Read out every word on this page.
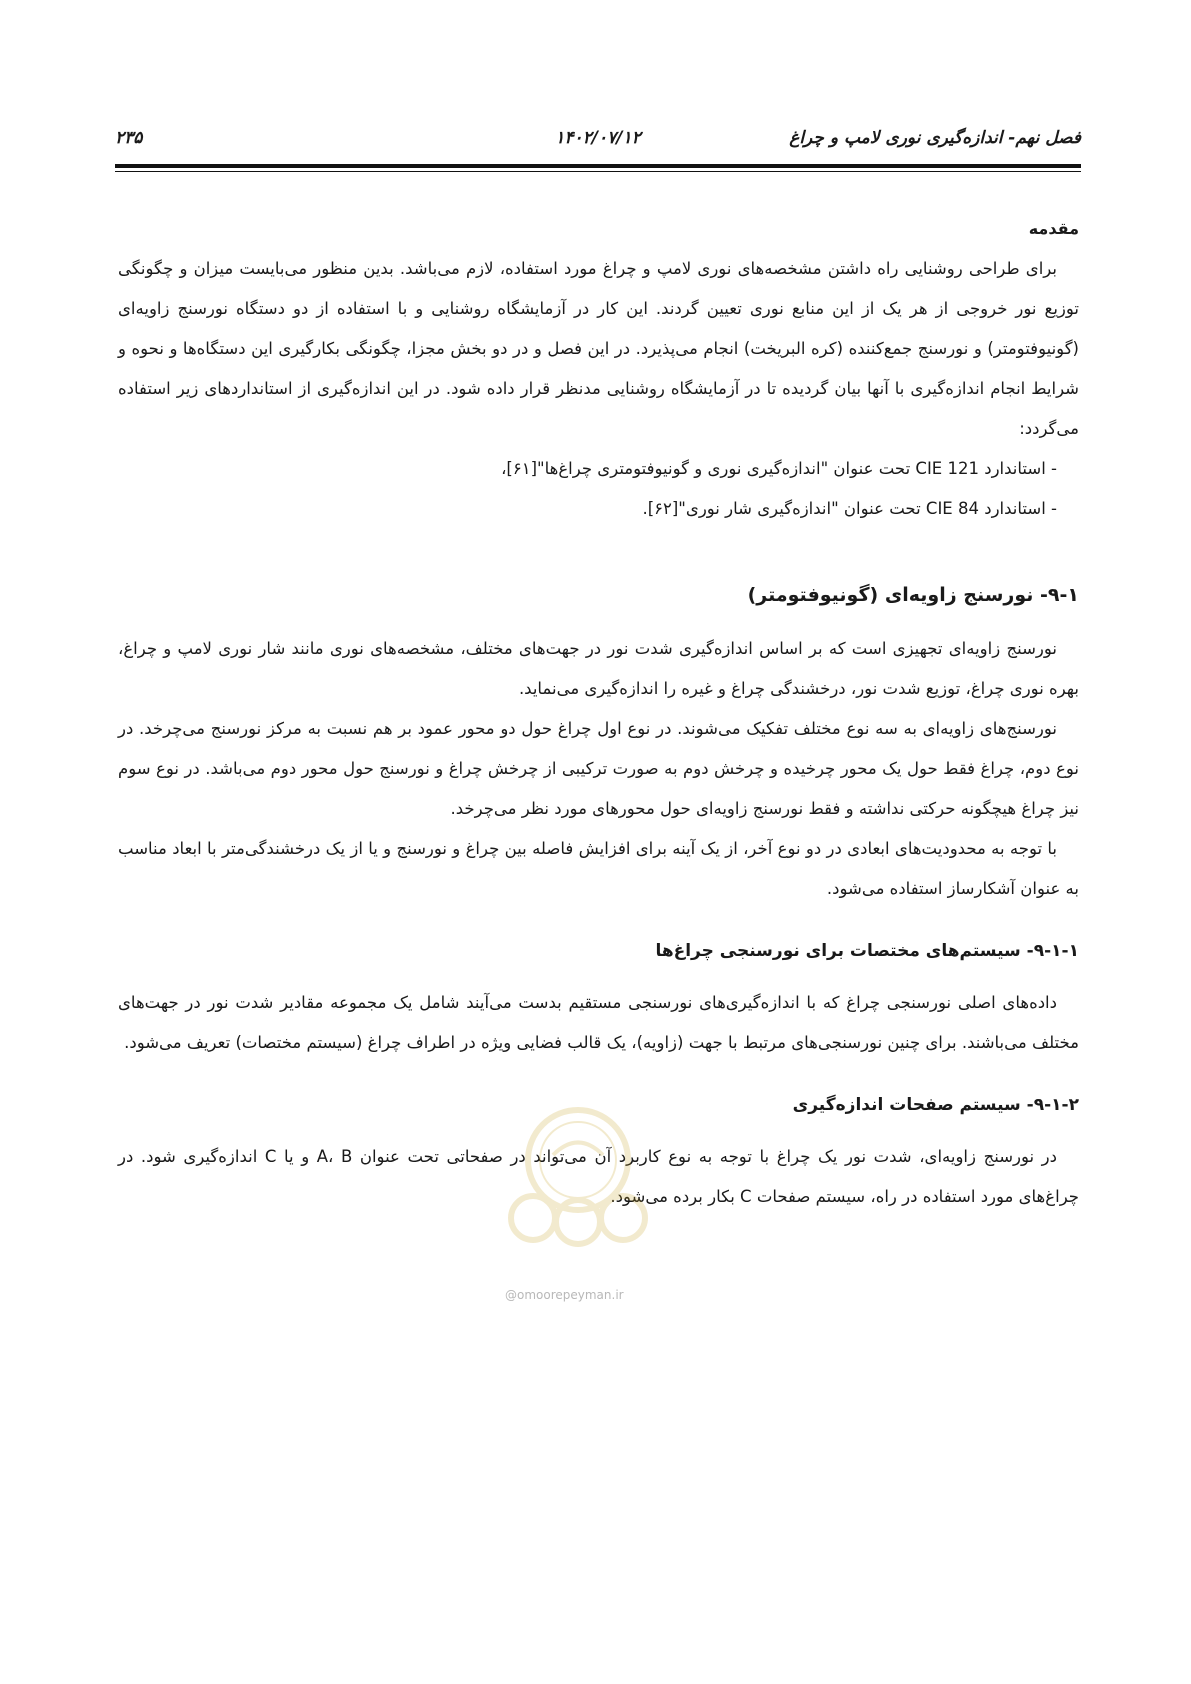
فصل نهم- اندازه‌گیری نوری لامپ و چراغ
۱۴۰۲/۰۷/۱۲
۲۳۵

مقدمه

برای طراحی روشنایی راه داشتن مشخصه‌های نوری لامپ و چراغ مورد استفاده، لازم می‌باشد. بدین منظور می‌بایست میزان و چگونگی توزیع نور خروجی از هر یک از این منابع نوری تعیین گردند. این کار در آزمایشگاه روشنایی و با استفاده از دو دستگاه نورسنج زاویه‌ای (گونیوفتومتر) و نورسنج جمع‌کننده (کره البریخت) انجام می‌پذیرد. در این فصل و در دو بخش مجزا، چگونگی بکارگیری این دستگاه‌ها و نحوه و شرایط انجام اندازه‌گیری با آنها بیان گردیده تا در آزمایشگاه روشنایی مدنظر قرار داده شود. در این اندازه‌گیری از استانداردهای زیر استفاده می‌گردد:

- استاندارد CIE 121 تحت عنوان "اندازه‌گیری نوری و گونیوفتومتری چراغ‌ها"[۶۱]،

- استاندارد CIE 84 تحت عنوان "اندازه‌گیری شار نوری"[۶۲].

۹-۱- نورسنج زاویه‌ای (گونیوفتومتر)

نورسنج زاویه‌ای تجهیزی است که بر اساس اندازه‌گیری شدت نور در جهت‌های مختلف، مشخصه‌های نوری مانند شار نوری لامپ و چراغ، بهره نوری چراغ، توزیع شدت نور، درخشندگی چراغ و غیره را اندازه‌گیری می‌نماید.

نورسنج‌های زاویه‌ای به سه نوع مختلف تفکیک می‌شوند. در نوع اول چراغ حول دو محور عمود بر هم نسبت به مرکز نورسنج می‌چرخد. در نوع دوم، چراغ فقط حول یک محور چرخیده و چرخش دوم به صورت ترکیبی از چرخش چراغ و نورسنج حول محور دوم می‌باشد. در نوع سوم نیز چراغ هیچگونه حرکتی نداشته و فقط نورسنج زاویه‌ای حول محورهای مورد نظر می‌چرخد.

با توجه به محدودیت‌های ابعادی در دو نوع آخر، از یک آینه برای افزایش فاصله بین چراغ و نورسنج و یا از یک درخشندگی‌متر با ابعاد مناسب به عنوان آشکارساز استفاده می‌شود.

۹-۱-۱- سیستم‌های مختصات برای نورسنجی چراغ‌ها

داده‌های اصلی نورسنجی چراغ که با اندازه‌گیری‌های نورسنجی مستقیم بدست می‌آیند شامل یک مجموعه مقادیر شدت نور در جهت‌های مختلف می‌باشند. برای چنین نورسنجی‌های مرتبط با جهت (زاویه)، یک قالب فضایی ویژه در اطراف چراغ (سیستم مختصات) تعریف می‌شود.

۹-۱-۲- سیستم صفحات اندازه‌گیری

در نورسنج زاویه‌ای، شدت نور یک چراغ با توجه به نوع کاربرد آن می‌تواند در صفحاتی تحت عنوان A، B و یا C اندازه‌گیری شود. در چراغ‌های مورد استفاده در راه، سیستم صفحات C بکار برده می‌شود.

@omoorepeyman.ir
